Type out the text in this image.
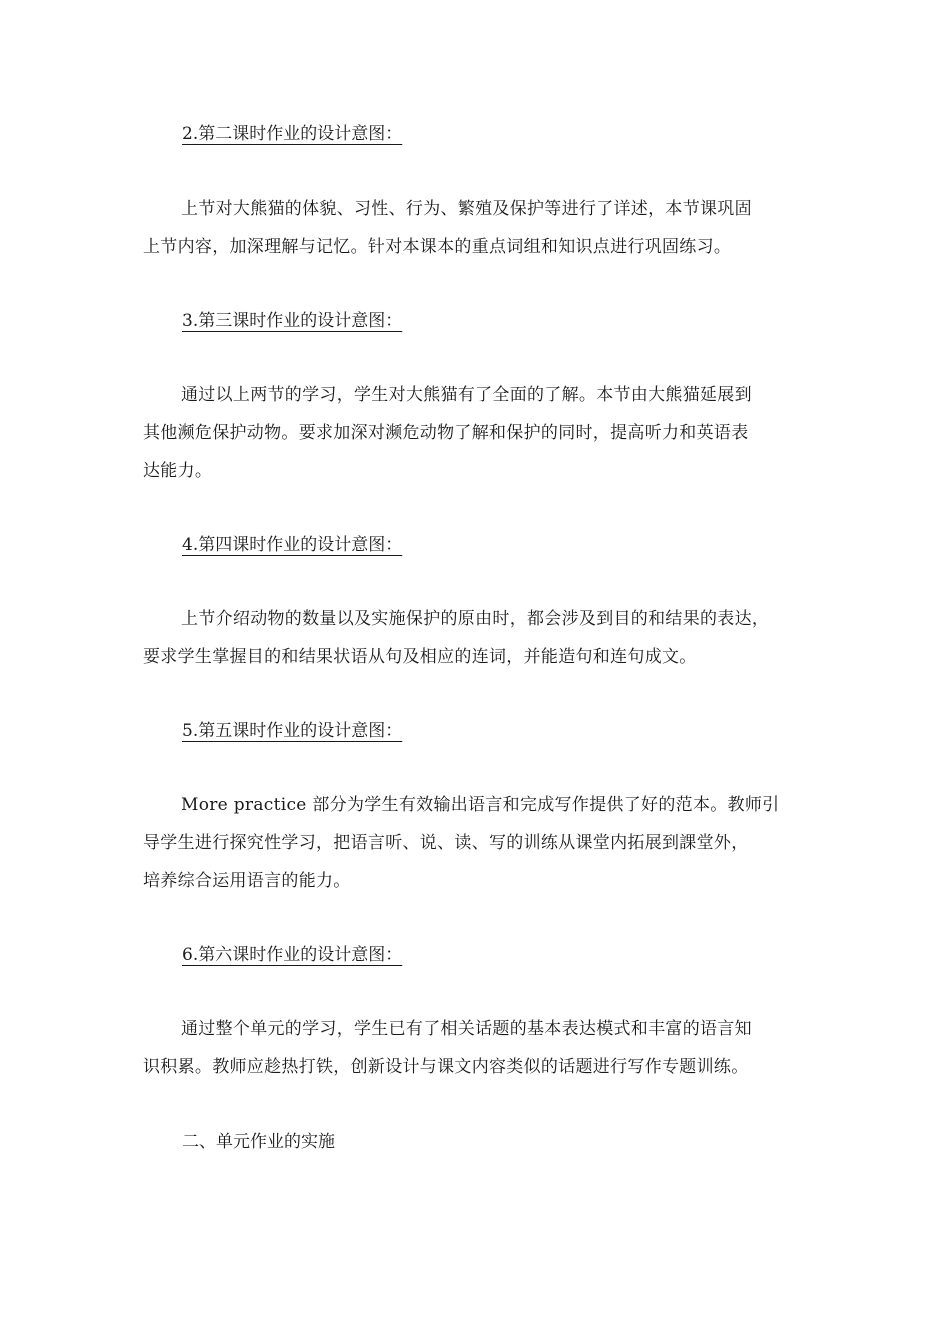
2.第二课时作业的设计意图：
上节对大熊猫的体貌、习性、行为、繁殖及保护等进行了详述，本节课巩固
上节内容，加深理解与记忆。针对本课本的重点词组和知识点进行巩固练习。
3.第三课时作业的设计意图：
通过以上两节的学习，学生对大熊猫有了全面的了解。本节由大熊猫延展到
其他濒危保护动物。要求加深对濒危动物了解和保护的同时，提高听力和英语表
达能力。
4.第四课时作业的设计意图：
上节介绍动物的数量以及实施保护的原由时，都会涉及到目的和结果的表达，
要求学生掌握目的和结果状语从句及相应的连词，并能造句和连句成文。
5.第五课时作业的设计意图：
More practice 部分为学生有效输出语言和完成写作提供了好的范本。教师引
导学生进行探究性学习，把语言听、说、读、写的训练从课堂内拓展到課堂外，
培养综合运用语言的能力。
6.第六课时作业的设计意图：
通过整个单元的学习，学生已有了相关话题的基本表达模式和丰富的语言知
识积累。教师应趁热打铁，创新设计与课文内容类似的话题进行写作专题训练。
二、单元作业的实施
